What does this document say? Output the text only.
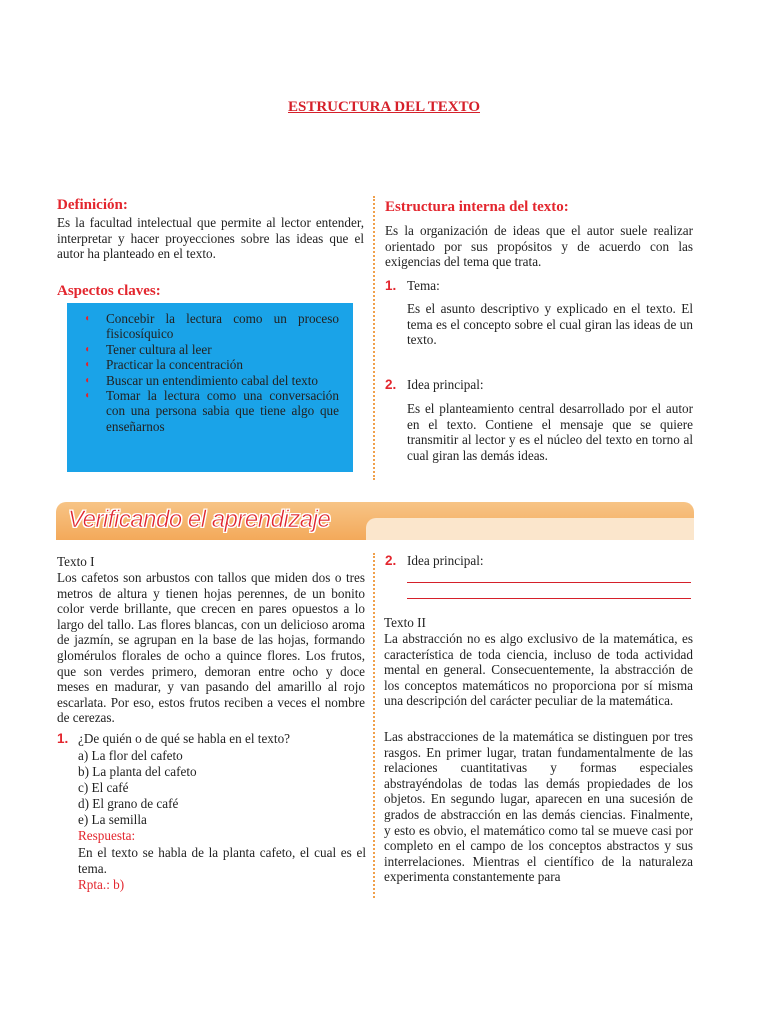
ESTRUCTURA DEL TEXTO
Definición:
Es la facultad intelectual que permite al lector entender, interpretar y hacer proyecciones sobre las ideas que el autor ha planteado en el texto.
Aspectos claves:
◖ Concebir la lectura como un proceso fisicosíquico
◖ Tener cultura al leer
◖ Practicar la concentración
◖ Buscar un entendimiento cabal del texto
◖ Tomar la lectura como una conversación con una persona sabia que tiene algo que enseñarnos
Estructura interna del texto:
Es la organización de ideas que el autor suele realizar orientado por sus propósitos y de acuerdo con las exigencias del tema que trata.
1. Tema:
Es el asunto descriptivo y explicado en el texto. El tema es el concepto sobre el cual giran las ideas de un texto.
2. Idea principal:
Es el planteamiento central desarrollado por el autor en el texto. Contiene el mensaje que se quiere transmitir al lector y es el núcleo del texto en torno al cual giran las demás ideas.
Verificando el aprendizaje
Texto I
Los cafetos son arbustos con tallos que miden dos o tres metros de altura y tienen hojas perennes, de un bonito color verde brillante, que crecen en pares opuestos a lo largo del tallo. Las flores blancas, con un delicioso aroma de jazmín, se agrupan en la base de las hojas, formando glomérulos florales de ocho a quince flores. Los frutos, que son verdes primero, demoran entre ocho y doce meses en madurar, y van pasando del amarillo al rojo escarlata. Por eso, estos frutos reciben a veces el nombre de cerezas.
1. ¿De quién o de qué se habla en el texto?
a) La flor del cafeto
b) La planta del cafeto
c) El café
d) El grano de café
e) La semilla
Respuesta:
En el texto se habla de la planta cafeto, el cual es el tema.
Rpta.: b)
2. Idea principal:
Texto II
La abstracción no es algo exclusivo de la matemática, es característica de toda ciencia, incluso de toda actividad mental en general. Consecuentemente, la abstracción de los conceptos matemáticos no proporciona por sí misma una descripción del carácter peculiar de la matemática.
Las abstracciones de la matemática se distinguen por tres rasgos. En primer lugar, tratan fundamentalmente de las relaciones cuantitativas y formas especiales abstrayéndolas de todas las demás propiedades de los objetos. En segundo lugar, aparecen en una sucesión de grados de abstracción en las demás ciencias. Finalmente, y esto es obvio, el matemático como tal se mueve casi por completo en el campo de los conceptos abstractos y sus interrelaciones. Mientras el científico de la naturaleza experimenta constantemente para
